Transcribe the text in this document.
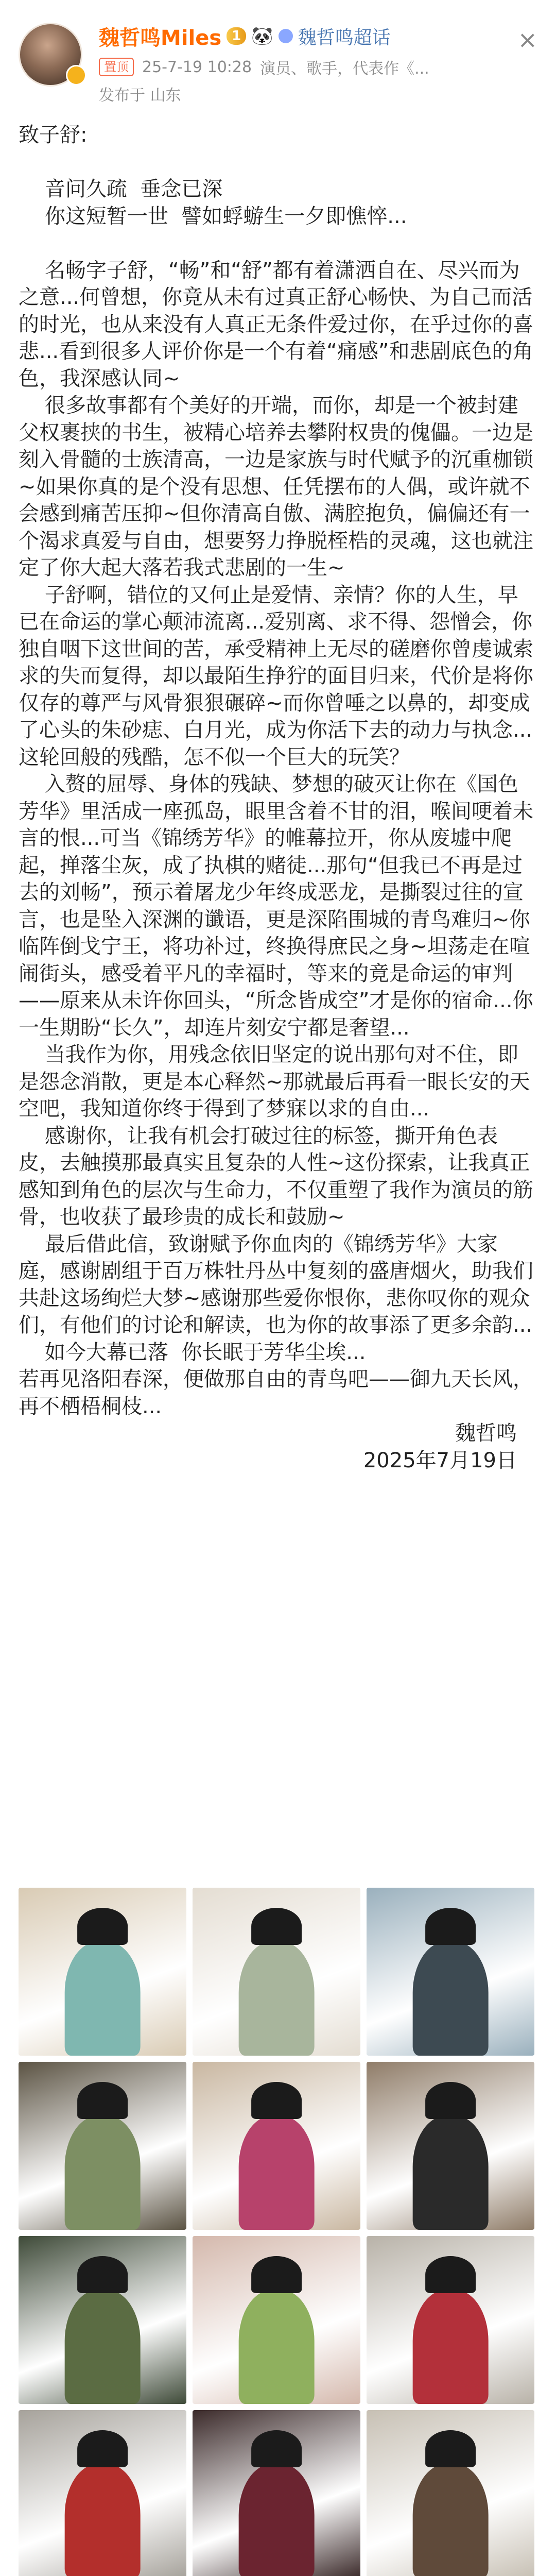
魏哲鸣Miles 1 🐼 魏哲鸣超话	×
置顶 25-7-19 10:28 演员、歌手，代表作《...
发布于 山东

致子舒:

音问久疏  垂念已深

你这短暂一世  譬如蜉蝣生一夕即憔悴...

名畅字子舒，“畅”和“舒”都有着潇洒自在、尽兴而为之意...何曾想，你竟从未有过真正舒心畅快、为自己而活的时光，也从来没有人真正无条件爱过你，在乎过你的喜悲...看到很多人评价你是一个有着“痛感”和悲剧底色的角色，我深感认同~

很多故事都有个美好的开端，而你，却是一个被封建父权裹挟的书生，被精心培养去攀附权贵的傀儡。一边是刻入骨髓的士族清高，一边是家族与时代赋予的沉重枷锁~如果你真的是个没有思想、任凭摆布的人偶，或许就不会感到痛苦压抑~但你清高自傲、满腔抱负，偏偏还有一个渴求真爱与自由，想要努力挣脱桎梏的灵魂，这也就注定了你大起大落若我式悲剧的一生~

子舒啊，错位的又何止是爱情、亲情？你的人生，早已在命运的掌心颠沛流离...爱别离、求不得、怨憎会，你独自咽下这世间的苦，承受精神上无尽的磋磨你曾虔诚索求的失而复得，却以最陌生挣狞的面目归来，代价是将你仅存的尊严与风骨狠狠碾碎~而你曾唾之以鼻的，却变成了心头的朱砂痣、白月光，成为你活下去的动力与执念...这轮回般的残酷，怎不似一个巨大的玩笑？

入赘的屈辱、身体的残缺、梦想的破灭让你在《国色芳华》里活成一座孤岛，眼里含着不甘的泪，喉间哽着未言的恨...可当《锦绣芳华》的帷幕拉开，你从废墟中爬起，掸落尘灰，成了执棋的赌徒...那句“但我已不再是过去的刘畅”，预示着屠龙少年终成恶龙，是撕裂过往的宣言，也是坠入深渊的谶语，更是深陷围城的青鸟难归~你临阵倒戈宁王，将功补过，终换得庶民之身~坦荡走在喧闹街头，感受着平凡的幸福时，等来的竟是命运的审判——原来从未许你回头，“所念皆成空”才是你的宿命...你一生期盼“长久”，却连片刻安宁都是奢望...

当我作为你，用残念依旧坚定的说出那句对不住，即是怨念消散，更是本心释然~那就最后再看一眼长安的天空吧，我知道你终于得到了梦寐以求的自由...

感谢你，让我有机会打破过往的标签，撕开角色表皮，去触摸那最真实且复杂的人性~这份探索，让我真正感知到角色的层次与生命力，不仅重塑了我作为演员的筋骨，也收获了最珍贵的成长和鼓励~

最后借此信，致谢赋予你血肉的《锦绣芳华》大家庭，感谢剧组于百万株牡丹丛中复刻的盛唐烟火，助我们共赴这场绚烂大梦~感谢那些爱你恨你，悲你叹你的观众们，有他们的讨论和解读，也为你的故事添了更多余韵...

如今大幕已落  你长眠于芳华尘埃...

若再见洛阳春深，便做那自由的青鸟吧——御九天长风，再不栖梧桐枝...

魏哲鸣

2025年7月19日
